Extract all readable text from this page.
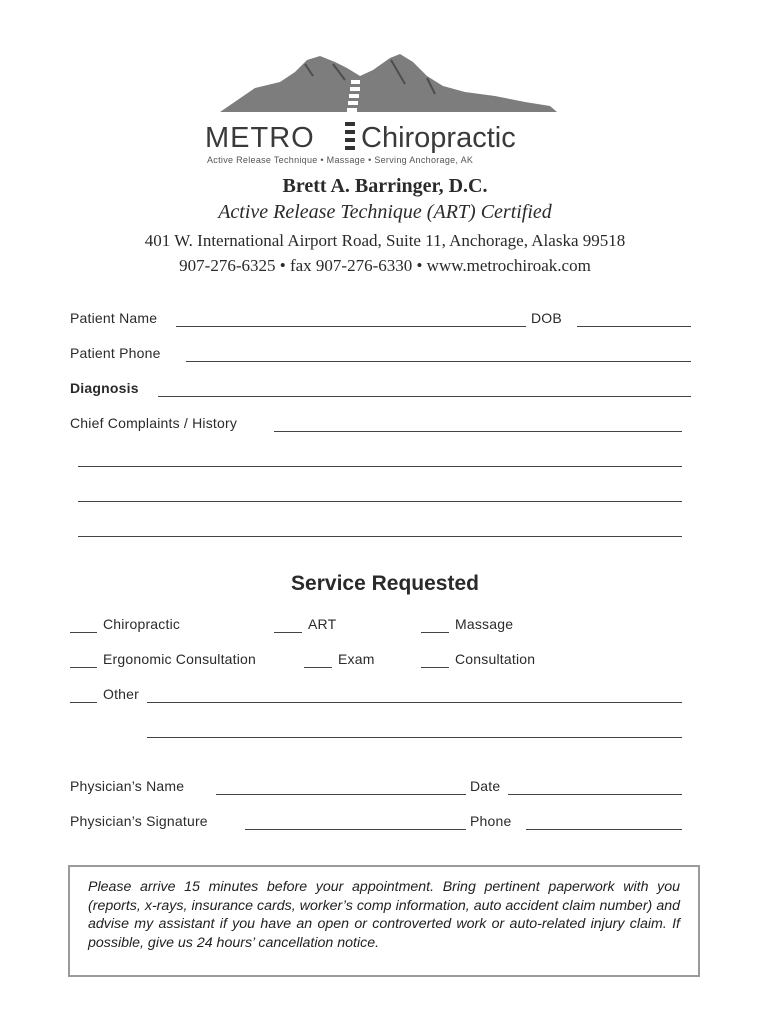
METRO Chiropractic
Active Release Technique • Massage • Serving Anchorage, AK
Brett A. Barringer, D.C.
Active Release Technique (ART) Certified
401 W. International Airport Road, Suite 11, Anchorage, Alaska 99518
907-276-6325 • fax 907-276-6330 • www.metrochiroak.com
Patient Name	DOB
Patient Phone
Diagnosis
Chief Complaints / History
Service Requested
Chiropractic	ART	Massage
Ergonomic Consultation	Exam	Consultation
Other
Physician’s Name	Date
Physician’s Signature	Phone
Please arrive 15 minutes before your appointment. Bring pertinent paperwork with you (reports, x-rays, insurance cards, worker’s comp information, auto accident claim number) and advise my assistant if you have an open or controverted work or auto-related injury claim. If possible, give us 24 hours’ cancellation notice.
